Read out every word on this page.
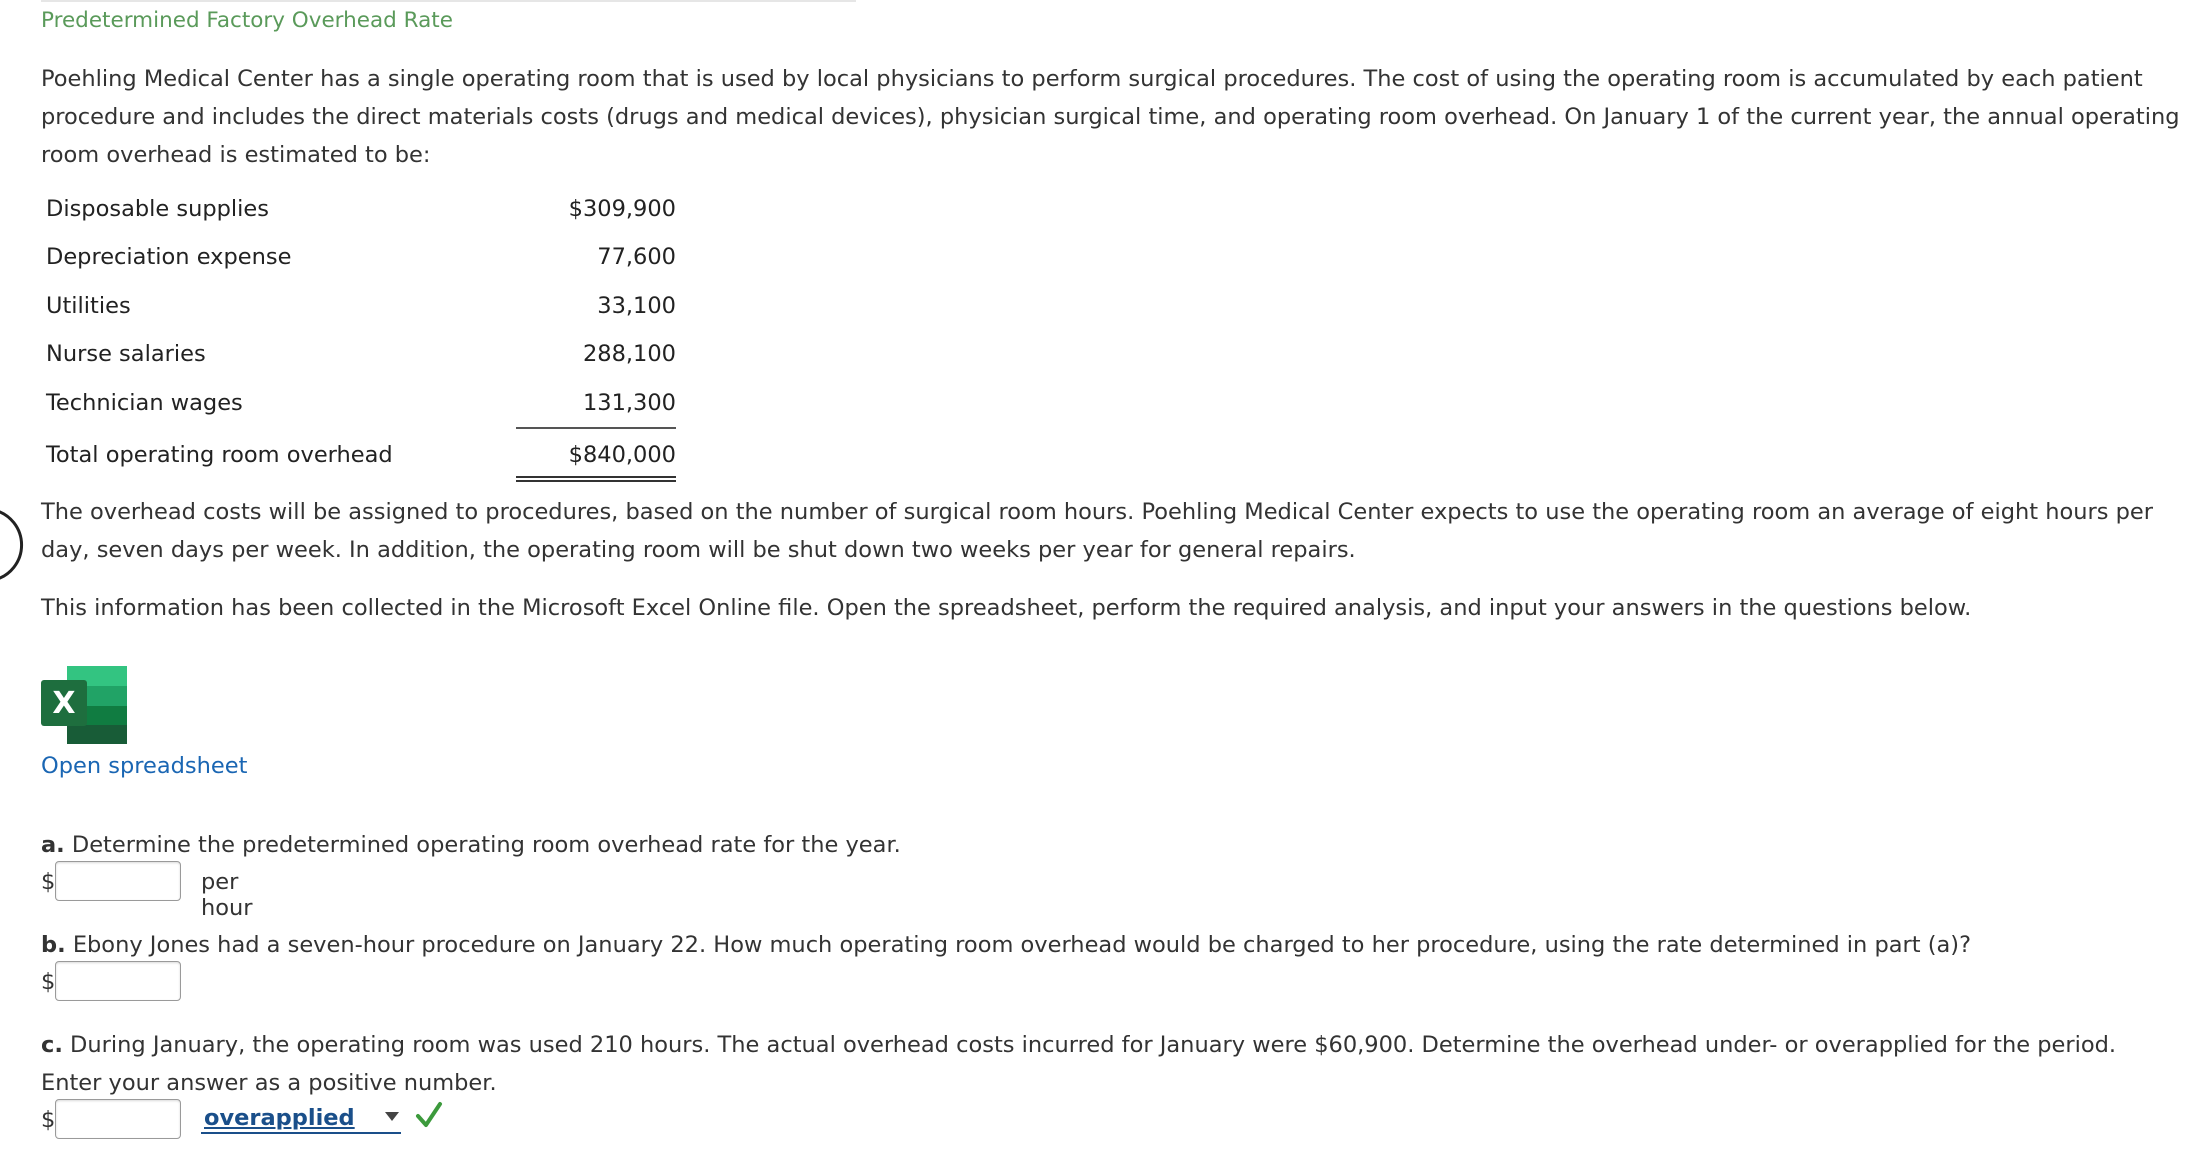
Predetermined Factory Overhead Rate
Poehling Medical Center has a single operating room that is used by local physicians to perform surgical procedures. The cost of using the operating room is accumulated by each patient procedure and includes the direct materials costs (drugs and medical devices), physician surgical time, and operating room overhead. On January 1 of the current year, the annual operating room overhead is estimated to be:
Disposable supplies	$309,900
Depreciation expense	77,600
Utilities	33,100
Nurse salaries	288,100
Technician wages	131,300
Total operating room overhead	$840,000
The overhead costs will be assigned to procedures, based on the number of surgical room hours. Poehling Medical Center expects to use the operating room an average of eight hours per day, seven days per week. In addition, the operating room will be shut down two weeks per year for general repairs.
This information has been collected in the Microsoft Excel Online file. Open the spreadsheet, perform the required analysis, and input your answers in the questions below.
X
Open spreadsheet
a. Determine the predetermined operating room overhead rate for the year.
$	per hour
b. Ebony Jones had a seven-hour procedure on January 22. How much operating room overhead would be charged to her procedure, using the rate determined in part (a)?
$
c. During January, the operating room was used 210 hours. The actual overhead costs incurred for January were $60,900. Determine the overhead under- or overapplied for the period. Enter your answer as a positive number.
$	overapplied
